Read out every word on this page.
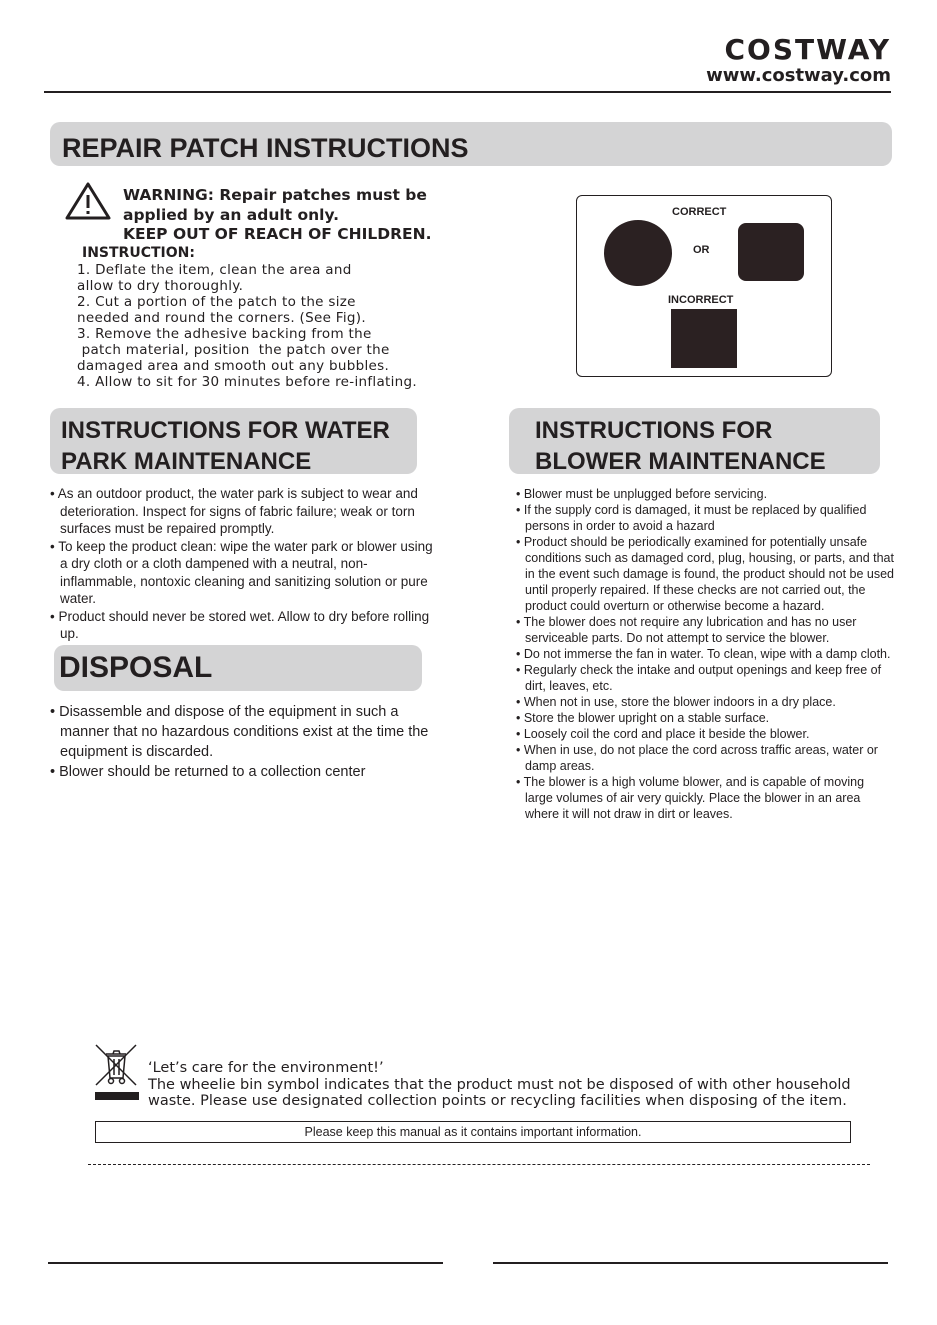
COSTWAY
www.costway.com
REPAIR PATCH INSTRUCTIONS
WARNING: Repair patches must be
applied by an adult only.
KEEP OUT OF REACH OF CHILDREN.
INSTRUCTION:
1. Deflate the item, clean the area and
allow to dry thoroughly.
2. Cut a portion of the patch to the size
needed and round the corners. (See Fig).
3. Remove the adhesive backing from the
patch material, position  the patch over the
damaged area and smooth out any bubbles.
4. Allow to sit for 30 minutes before re-inflating.
CORRECT
OR
INCORRECT
INSTRUCTIONS FOR WATER
PARK MAINTENANCE

• As an outdoor product, the water park is subject to wear and deterioration. Inspect for signs of fabric failure; weak or torn surfaces must be repaired promptly.

• To keep the product clean: wipe the water park or blower using a dry cloth or a cloth dampened with a neutral, non-inflammable, nontoxic cleaning and sanitizing solution or pure water.

• Product should never be stored wet. Allow to dry before rolling up.

DISPOSAL

• Disassemble and dispose of the equipment in such a manner that no hazardous conditions exist at the time the equipment is discarded.

• Blower should be returned to a collection center

INSTRUCTIONS FOR
BLOWER MAINTENANCE

• Blower must be unplugged before servicing.

• If the supply cord is damaged, it must be replaced by qualified persons in order to avoid a hazard

• Product should be periodically examined for potentially unsafe conditions such as damaged cord, plug, housing, or parts, and that in the event such damage is found, the product should not be used until properly repaired. If these checks are not carried out, the product could overturn or otherwise become a hazard.

• The blower does not require any lubrication and has no user serviceable parts. Do not attempt to service the blower.

• Do not immerse the fan in water. To clean, wipe with a damp cloth.

• Regularly check the intake and output openings and keep free of dirt, leaves, etc.

• When not in use, store the blower indoors in a dry place.

• Store the blower upright on a stable surface.

• Loosely coil the cord and place it beside the blower.

• When in use, do not place the cord across traffic areas, water or damp areas.

• The blower is a high volume blower, and is capable of moving large volumes of air very quickly. Place the blower in an area where it will not draw in dirt or leaves.

‘Let’s care for the environment!’
The wheelie bin symbol indicates that the product must not be disposed of with other household
waste. Please use designated collection points or recycling facilities when disposing of the item.
Please keep this manual as it contains important information.
